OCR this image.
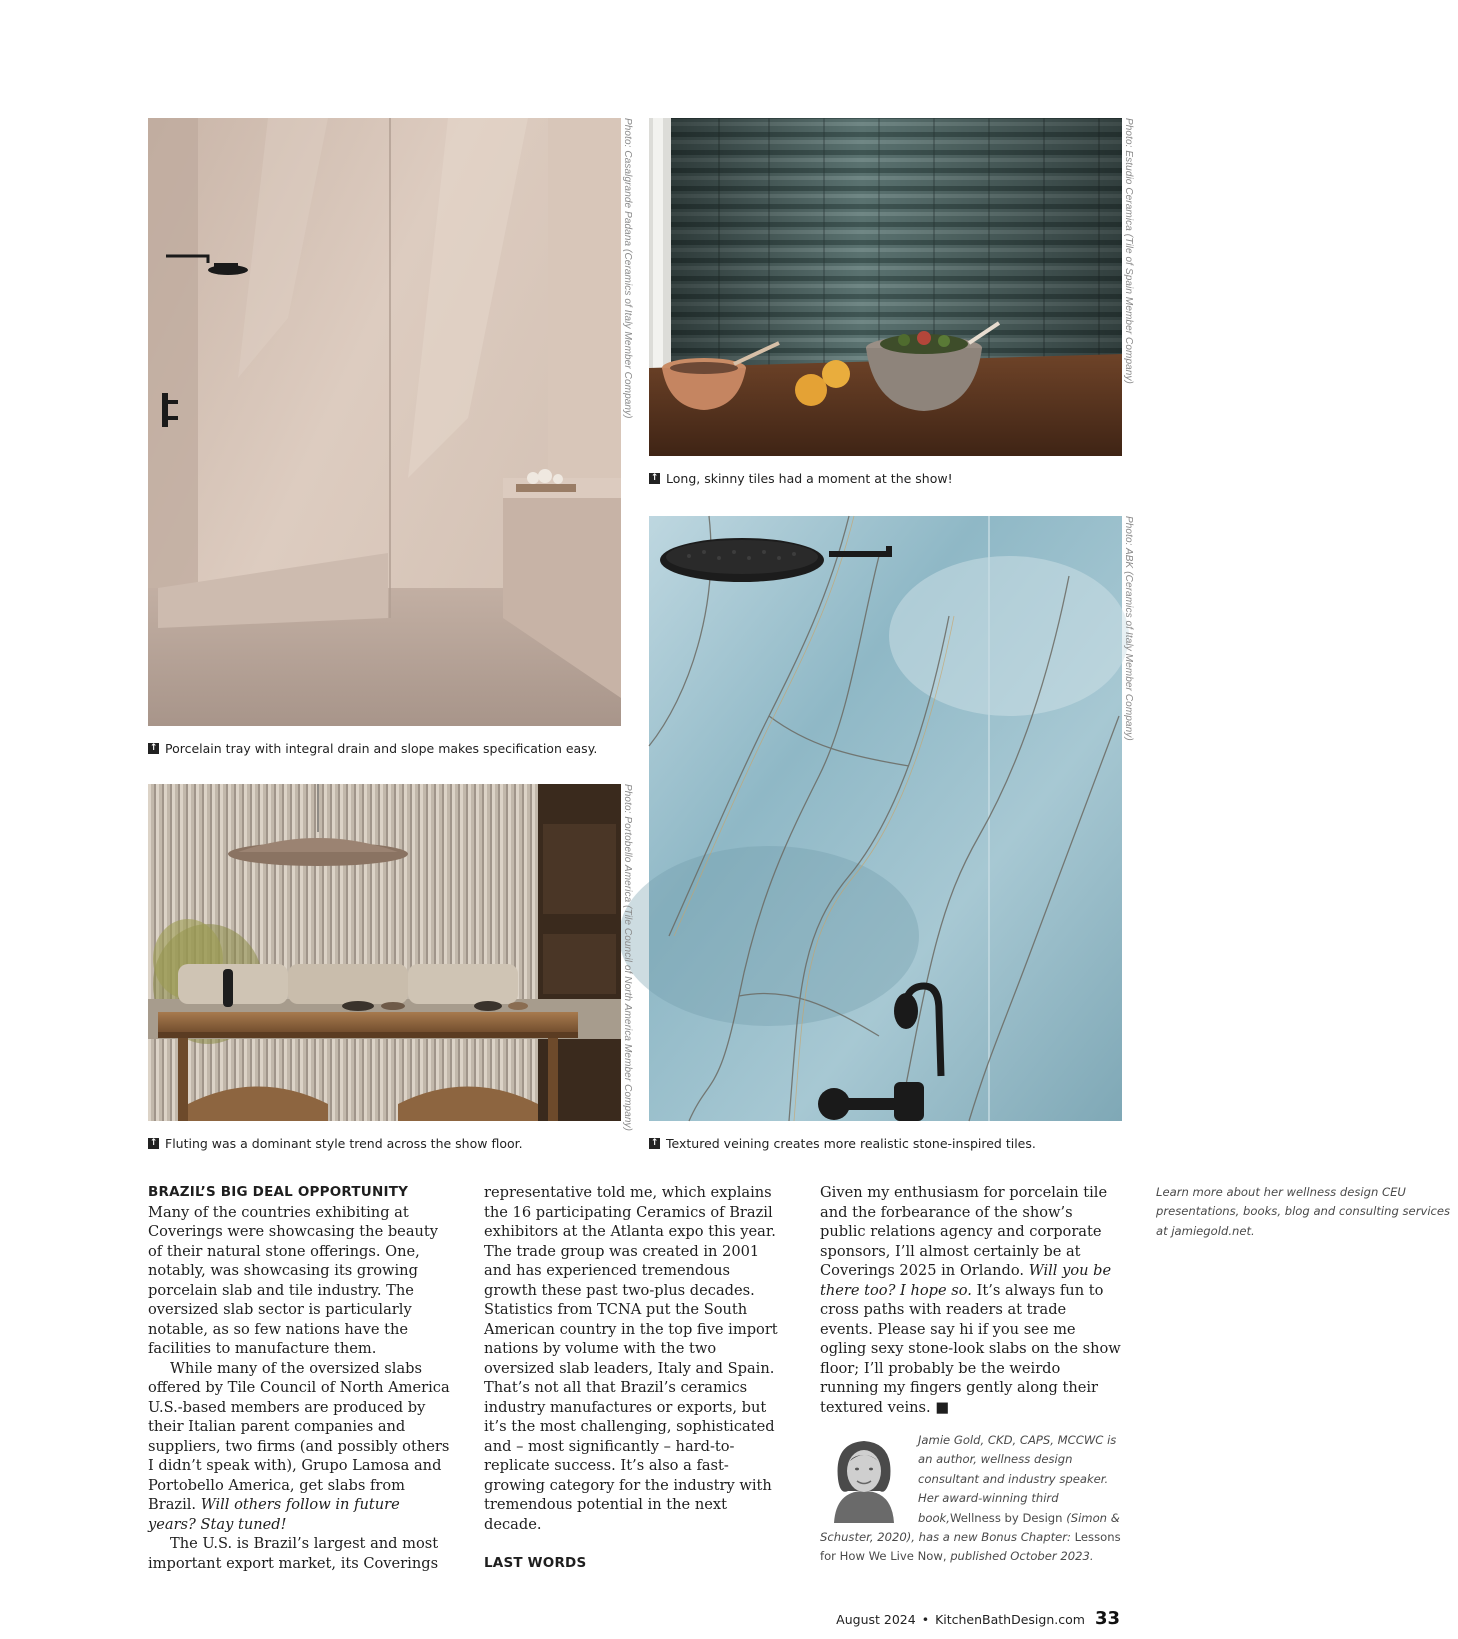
Photo: Casalgrande Padana (Ceramics of Italy Member Company)	Photo: Estudio Ceramica (Tile of Spain Member Company)
↑ Long, skinny tiles had a moment at the show!
Photo: ABK (Ceramics of Italy Member Company)
↑ Porcelain tray with integral drain and slope makes specification easy.
Photo: Portobello America (Tile Council of North America Member Company)
↑ Fluting was a dominant style trend across the show floor.	↑ Textured veining creates more realistic stone-inspired tiles.

BRAZIL’S BIG DEAL OPPORTUNITY

Many of the countries exhibiting at Coverings were showcasing the beauty of their natural stone offerings. One, notably, was showcasing its growing porcelain slab and tile industry. The oversized slab sector is particularly notable, as so few nations have the facilities to manufacture them.

While many of the oversized slabs offered by Tile Council of North America U.S.-based members are produced by their Italian parent companies and suppliers, two firms (and possibly others I didn’t speak with), Grupo Lamosa and Portobello America, get slabs from Brazil. Will others follow in future years? Stay tuned!

The U.S. is Brazil’s largest and most important export market, its Coverings representative told me, which explains the 16 participating Ceramics of Brazil exhibitors at the Atlanta expo this year. The trade group was created in 2001 and has experienced tremendous growth these past two-plus decades. Statistics from TCNA put the South American country in the top five import nations by volume with the two oversized slab leaders, Italy and Spain. That’s not all that Brazil’s ceramics industry manufactures or exports, but it’s the most challenging, sophisticated and – most significantly – hard-to-replicate success. It’s also a fast-growing category for the industry with tremendous potential in the next decade.

LAST WORDS

Given my enthusiasm for porcelain tile and the forbearance of the show’s public relations agency and corporate sponsors, I’ll almost certainly be at Coverings 2025 in Orlando. Will you be there too? I hope so. It’s always fun to cross paths with readers at trade events. Please say hi if you see me ogling sexy stone-look slabs on the show floor; I’ll probably be the weirdo running my fingers gently along their textured veins. ■

Jamie Gold, CKD, CAPS, MCCWC is an author, wellness design consultant and industry speaker. Her award-winning third book,Wellness by Design (Simon & Schuster, 2020), has a new Bonus Chapter: Lessons for How We Live Now, published October 2023. Learn more about her wellness design CEU presentations, books, blog and consulting services at jamiegold.net.
August 2024 • KitchenBathDesign.com 33
